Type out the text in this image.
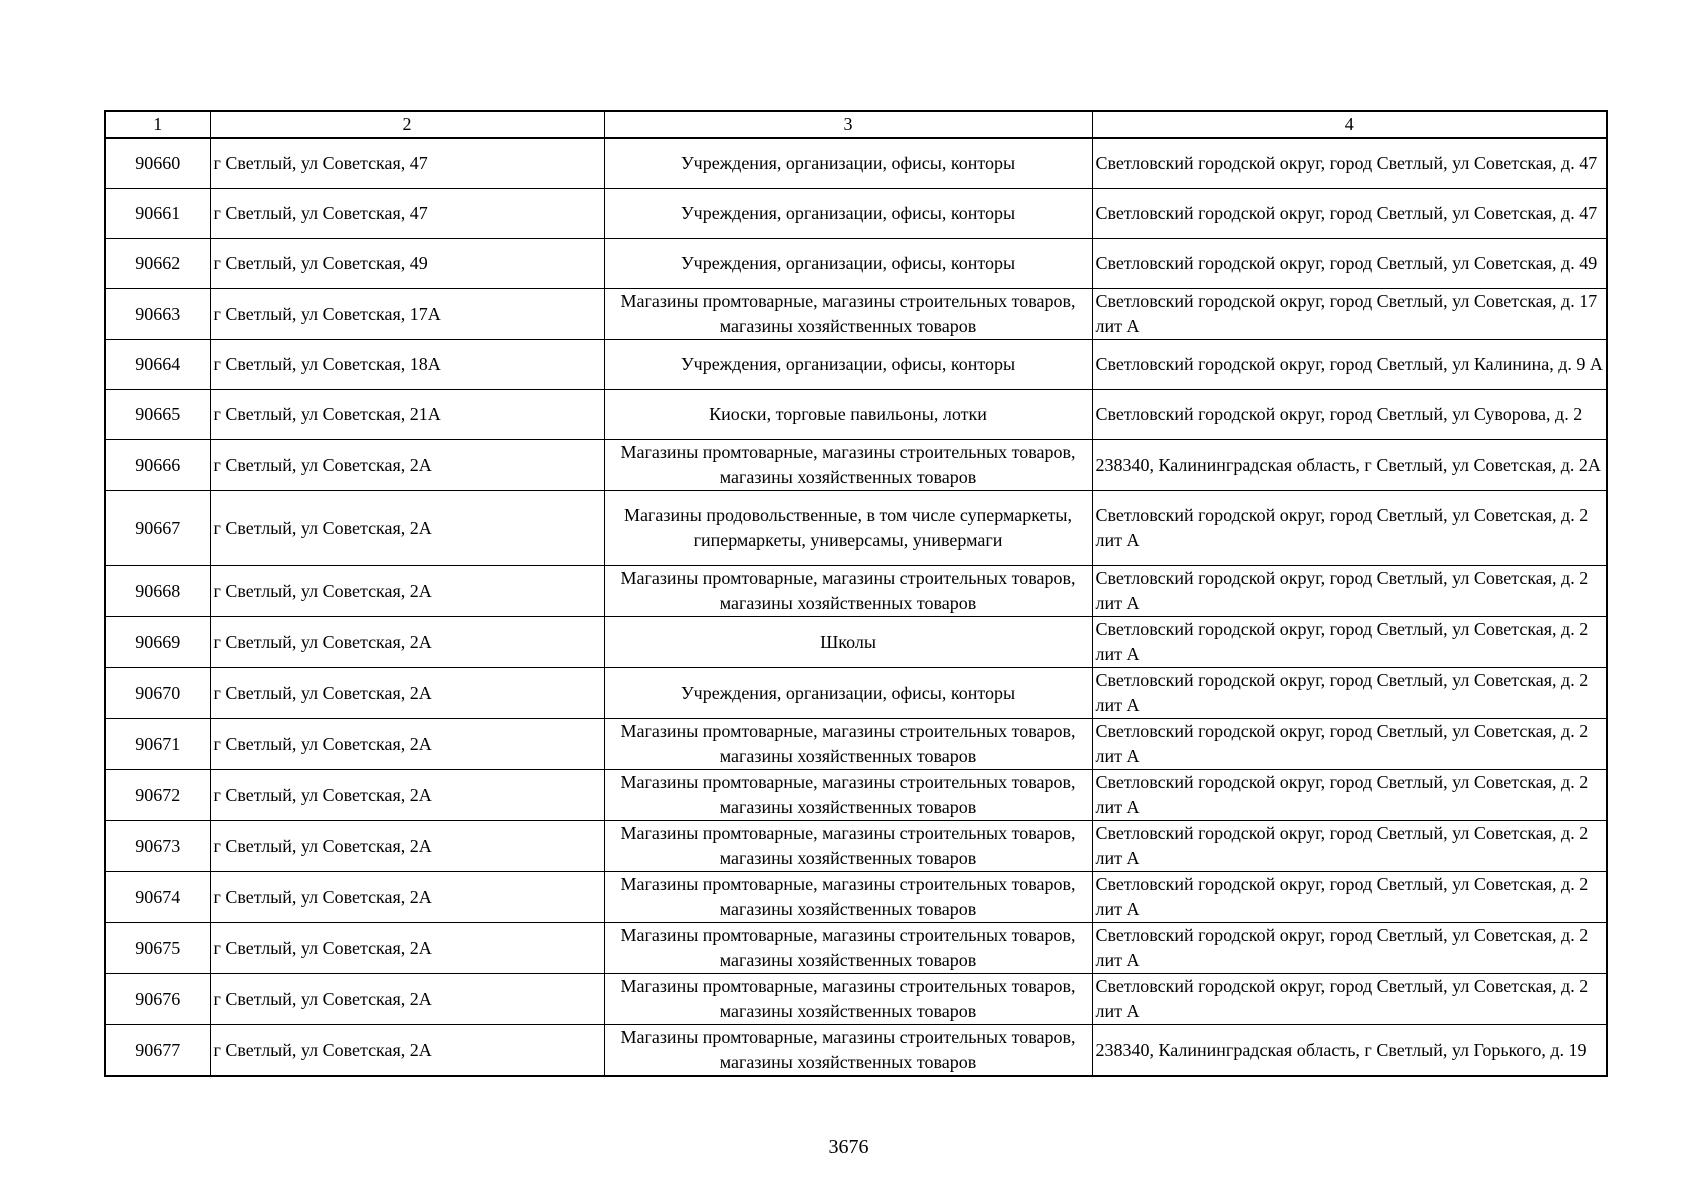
1	2	3	4
90660	г Светлый, ул Советская, 47	Учреждения, организации, офисы, конторы	Светловский городской округ, город Светлый, ул Советская, д. 47
90661	г Светлый, ул Советская, 47	Учреждения, организации, офисы, конторы	Светловский городской округ, город Светлый, ул Советская, д. 47
90662	г Светлый, ул Советская, 49	Учреждения, организации, офисы, конторы	Светловский городской округ, город Светлый, ул Советская, д. 49
90663	г Светлый, ул Советская, 17А	Магазины промтоварные, магазины строительных товаров, магазины хозяйственных товаров	Светловский городской округ, город Светлый, ул Советская, д. 17 лит А
90664	г Светлый, ул Советская, 18А	Учреждения, организации, офисы, конторы	Светловский городской округ, город Светлый, ул Калинина, д. 9 А
90665	г Светлый, ул Советская, 21А	Киоски, торговые павильоны, лотки	Светловский городской округ, город Светлый, ул Суворова, д. 2
90666	г Светлый, ул Советская, 2А	Магазины промтоварные, магазины строительных товаров, магазины хозяйственных товаров	238340, Калининградская область, г Светлый, ул Советская, д. 2А
90667	г Светлый, ул Советская, 2А	Магазины продовольственные, в том числе супермаркеты, гипермаркеты, универсамы, универмаги	Светловский городской округ, город Светлый, ул Советская, д. 2 лит А
90668	г Светлый, ул Советская, 2А	Магазины промтоварные, магазины строительных товаров, магазины хозяйственных товаров	Светловский городской округ, город Светлый, ул Советская, д. 2 лит А
90669	г Светлый, ул Советская, 2А	Школы	Светловский городской округ, город Светлый, ул Советская, д. 2 лит А
90670	г Светлый, ул Советская, 2А	Учреждения, организации, офисы, конторы	Светловский городской округ, город Светлый, ул Советская, д. 2 лит А
90671	г Светлый, ул Советская, 2А	Магазины промтоварные, магазины строительных товаров, магазины хозяйственных товаров	Светловский городской округ, город Светлый, ул Советская, д. 2 лит А
90672	г Светлый, ул Советская, 2А	Магазины промтоварные, магазины строительных товаров, магазины хозяйственных товаров	Светловский городской округ, город Светлый, ул Советская, д. 2 лит А
90673	г Светлый, ул Советская, 2А	Магазины промтоварные, магазины строительных товаров, магазины хозяйственных товаров	Светловский городской округ, город Светлый, ул Советская, д. 2 лит А
90674	г Светлый, ул Советская, 2А	Магазины промтоварные, магазины строительных товаров, магазины хозяйственных товаров	Светловский городской округ, город Светлый, ул Советская, д. 2 лит А
90675	г Светлый, ул Советская, 2А	Магазины промтоварные, магазины строительных товаров, магазины хозяйственных товаров	Светловский городской округ, город Светлый, ул Советская, д. 2 лит А
90676	г Светлый, ул Советская, 2А	Магазины промтоварные, магазины строительных товаров, магазины хозяйственных товаров	Светловский городской округ, город Светлый, ул Советская, д. 2 лит А
90677	г Светлый, ул Советская, 2А	Магазины промтоварные, магазины строительных товаров, магазины хозяйственных товаров	238340, Калининградская область, г Светлый, ул Горького, д. 19
3676
